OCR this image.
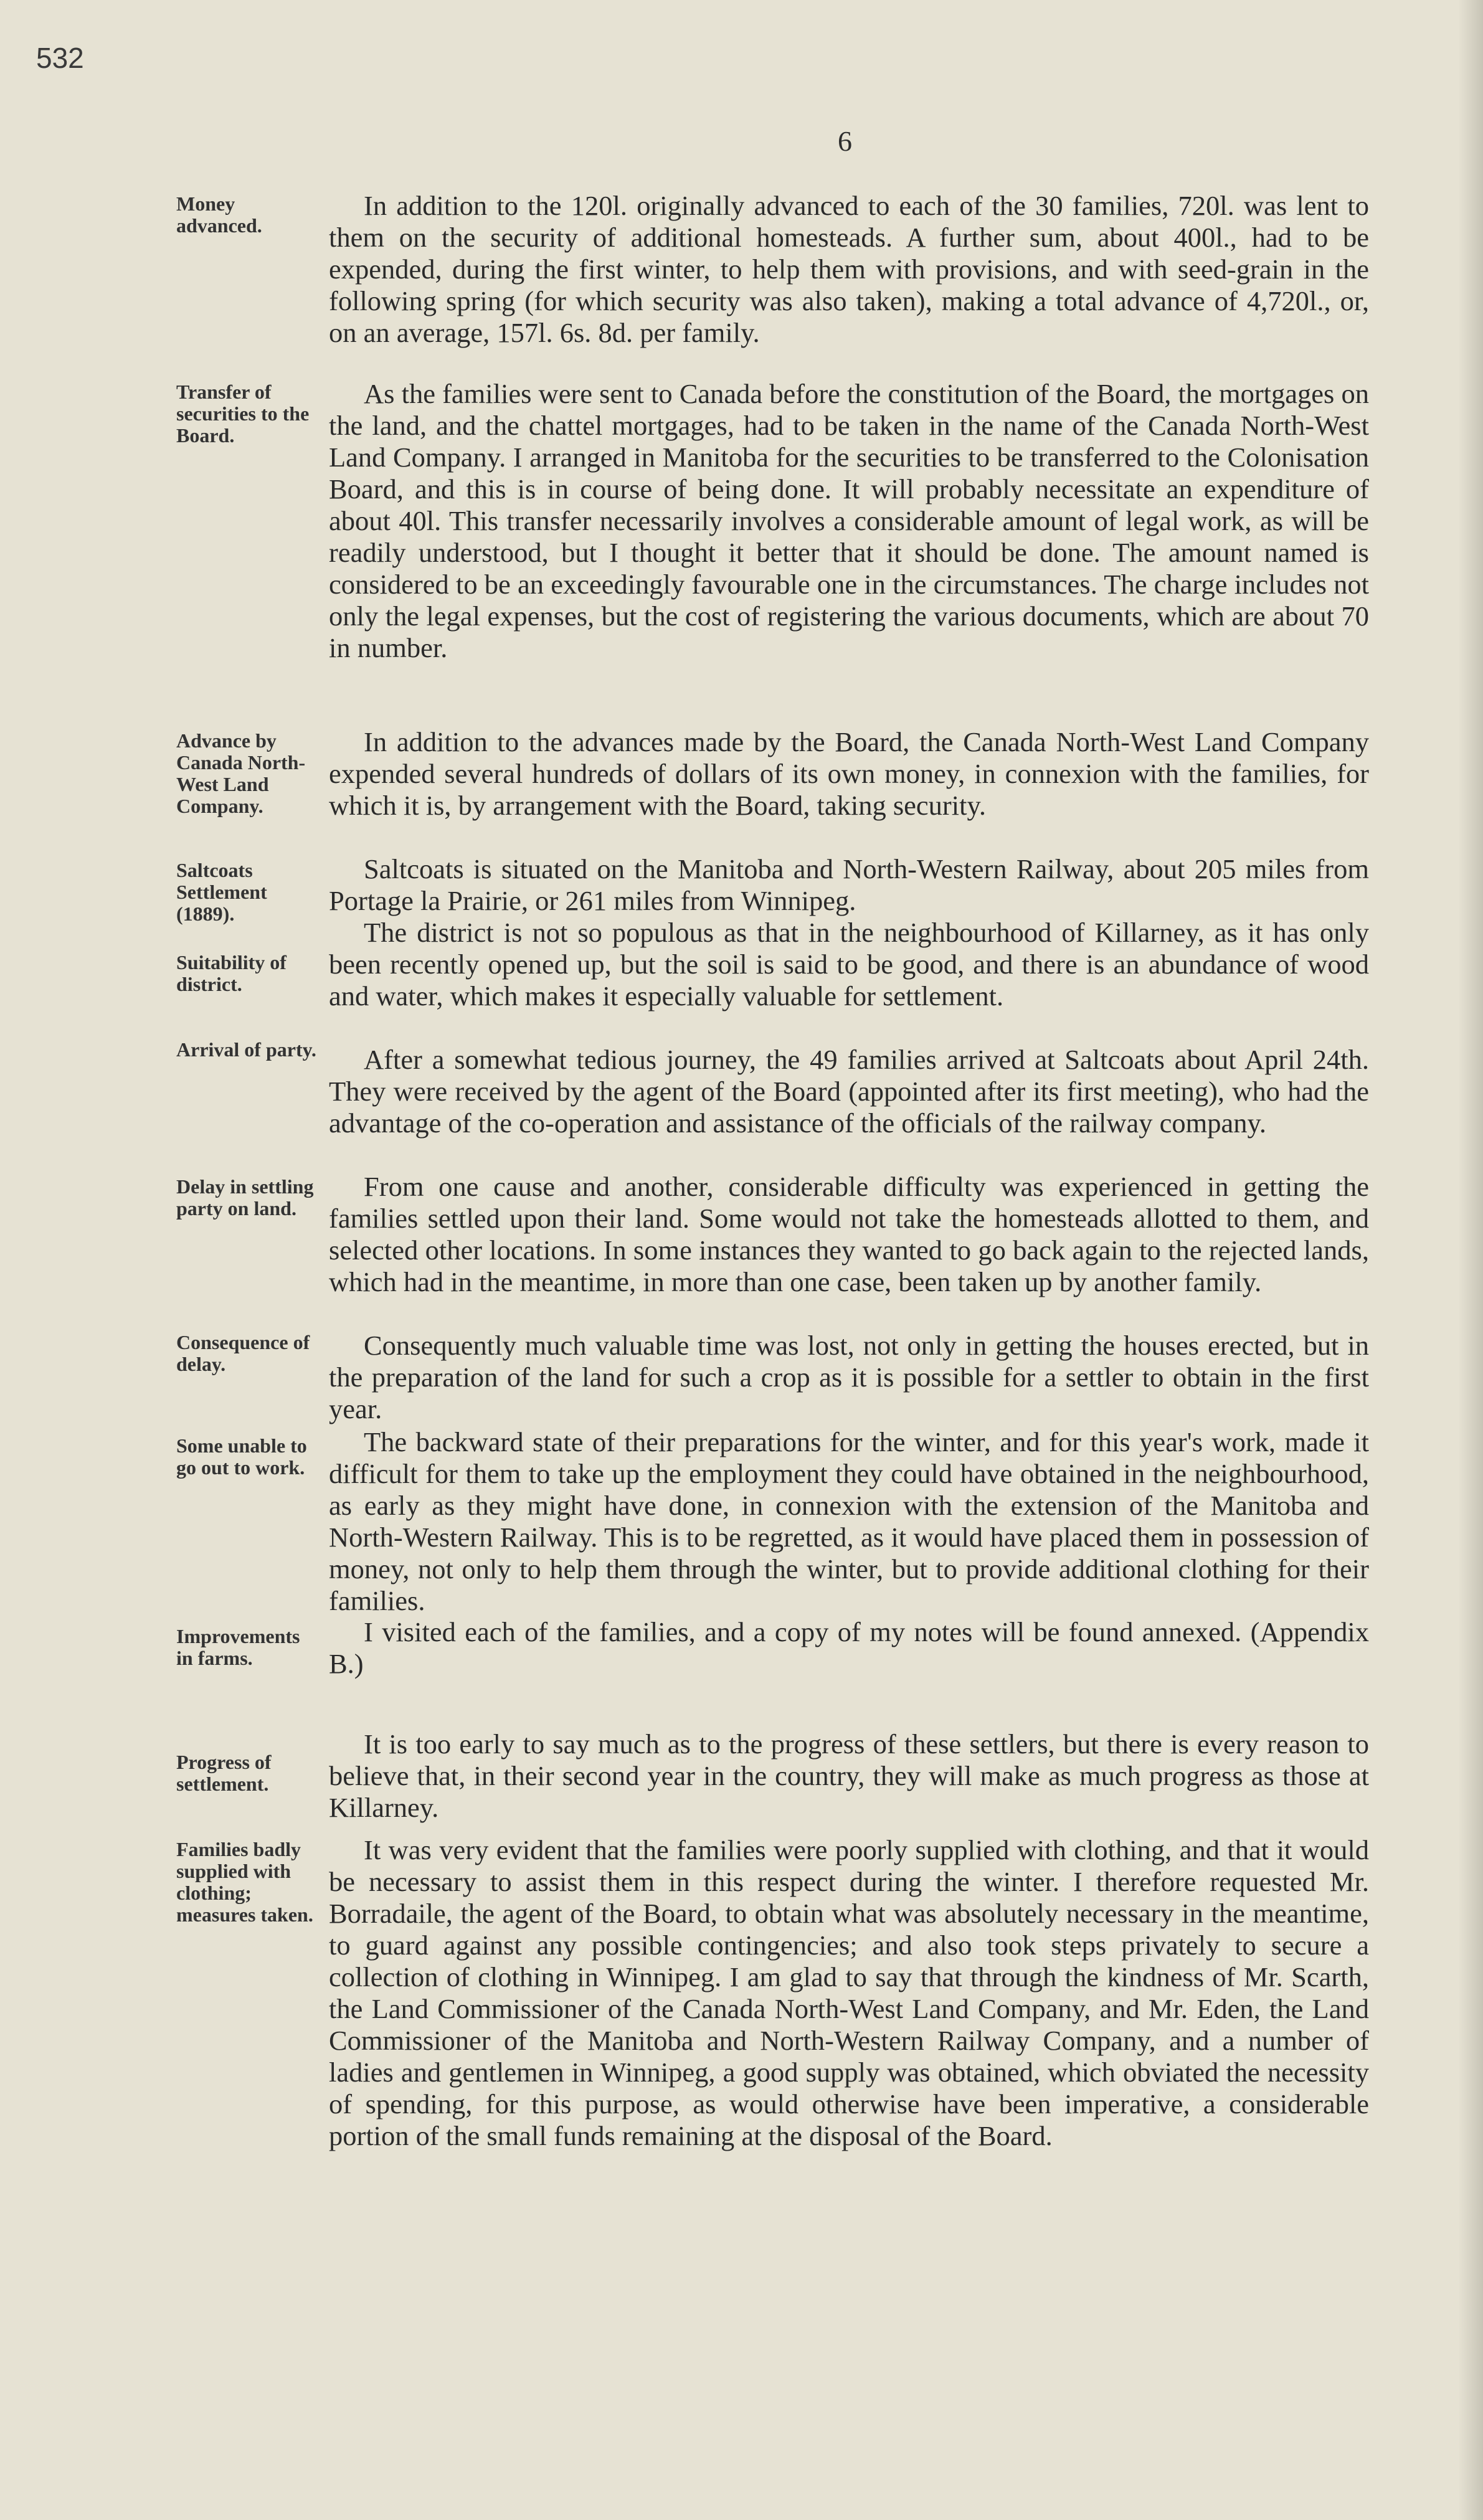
532
6
Money advanced.
Transfer of securities to the Board.
Advance by Canada North-West Land Company.
Saltcoats Settlement (1889).
Suitability of district.
Arrival of party.
Delay in settling party on land.
Consequence of delay.
Some unable to go out to work.
Improvements in farms.
Progress of settlement.
Families badly supplied with clothing; measures taken.

In addition to the 120l. originally advanced to each of the 30 families, 720l. was lent to them on the security of additional homesteads. A further sum, about 400l., had to be expended, during the first winter, to help them with provisions, and with seed-grain in the following spring (for which security was also taken), making a total advance of 4,720l., or, on an average, 157l. 6s. 8d. per family.

As the families were sent to Canada before the constitution of the Board, the mortgages on the land, and the chattel mortgages, had to be taken in the name of the Canada North-West Land Company. I arranged in Manitoba for the securities to be transferred to the Colonisation Board, and this is in course of being done. It will probably necessitate an expenditure of about 40l. This transfer necessarily involves a considerable amount of legal work, as will be readily understood, but I thought it better that it should be done. The amount named is considered to be an exceedingly favourable one in the circumstances. The charge includes not only the legal expenses, but the cost of registering the various documents, which are about 70 in number.

In addition to the advances made by the Board, the Canada North-West Land Company expended several hundreds of dollars of its own money, in connexion with the families, for which it is, by arrangement with the Board, taking security.

Saltcoats is situated on the Manitoba and North-Western Railway, about 205 miles from Portage la Prairie, or 261 miles from Winnipeg.

The district is not so populous as that in the neighbourhood of Killarney, as it has only been recently opened up, but the soil is said to be good, and there is an abundance of wood and water, which makes it especially valuable for settlement.

After a somewhat tedious journey, the 49 families arrived at Saltcoats about April 24th. They were received by the agent of the Board (appointed after its first meeting), who had the advantage of the co-operation and assistance of the officials of the railway company.

From one cause and another, considerable difficulty was experienced in getting the families settled upon their land. Some would not take the homesteads allotted to them, and selected other locations. In some instances they wanted to go back again to the rejected lands, which had in the meantime, in more than one case, been taken up by another family.

Consequently much valuable time was lost, not only in getting the houses erected, but in the preparation of the land for such a crop as it is possible for a settler to obtain in the first year.

The backward state of their preparations for the winter, and for this year's work, made it difficult for them to take up the employment they could have obtained in the neighbourhood, as early as they might have done, in connexion with the extension of the Manitoba and North-Western Railway. This is to be regretted, as it would have placed them in possession of money, not only to help them through the winter, but to provide additional clothing for their families.

I visited each of the families, and a copy of my notes will be found annexed. (Appendix B.)

It is too early to say much as to the progress of these settlers, but there is every reason to believe that, in their second year in the country, they will make as much progress as those at Killarney.

It was very evident that the families were poorly supplied with clothing, and that it would be necessary to assist them in this respect during the winter. I therefore requested Mr. Borradaile, the agent of the Board, to obtain what was absolutely necessary in the meantime, to guard against any possible contingencies; and also took steps privately to secure a collection of clothing in Winnipeg. I am glad to say that through the kindness of Mr. Scarth, the Land Commissioner of the Canada North-West Land Company, and Mr. Eden, the Land Commissioner of the Manitoba and North-Western Railway Company, and a number of ladies and gentlemen in Winnipeg, a good supply was obtained, which obviated the necessity of spending, for this purpose, as would otherwise have been imperative, a considerable portion of the small funds remaining at the disposal of the Board.
